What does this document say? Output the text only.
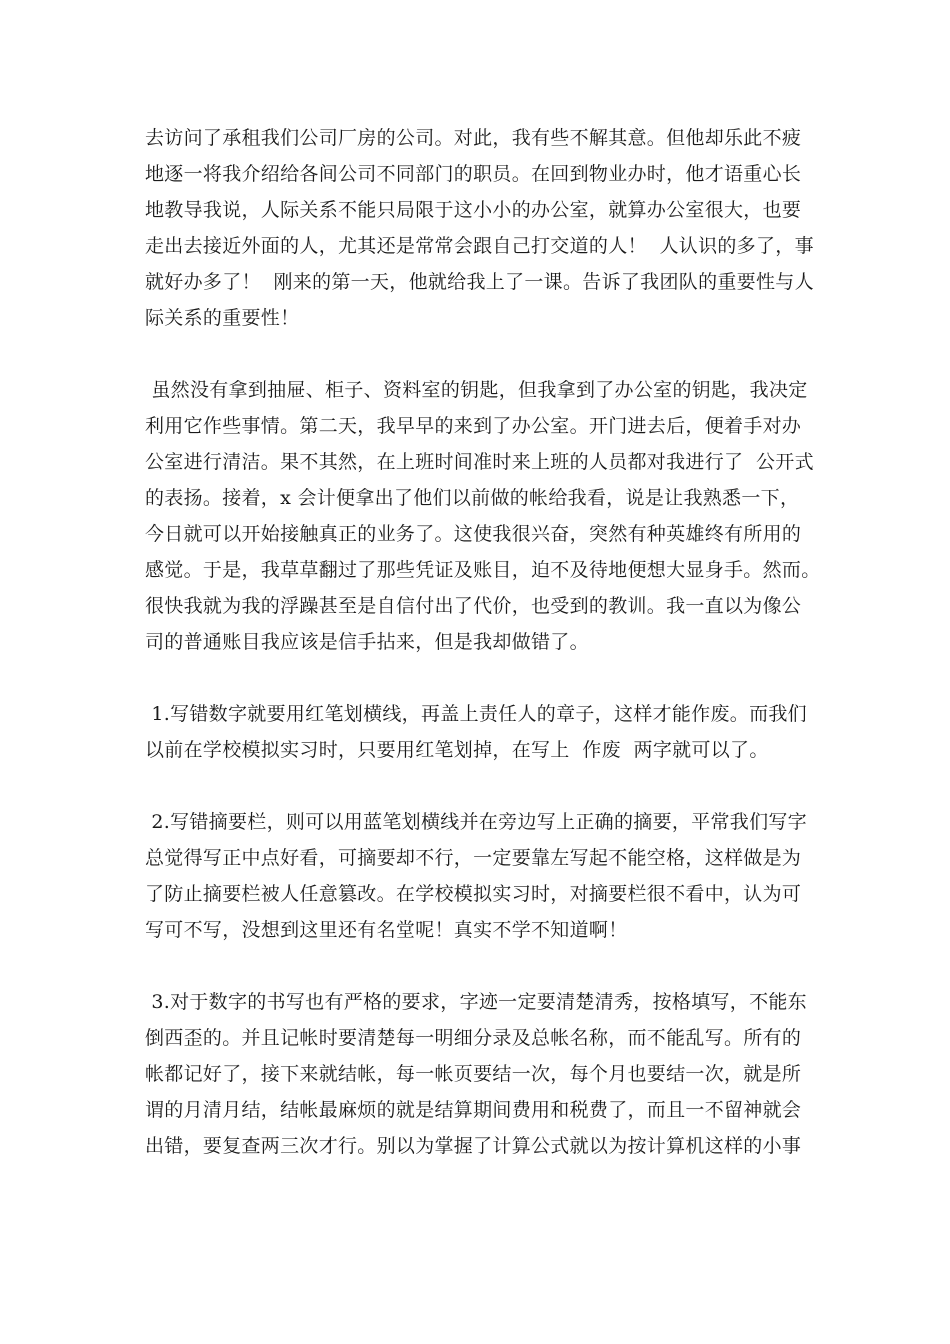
去访问了承租我们公司厂房的公司。对此，我有些不解其意。但他却乐此不疲
地逐一将我介绍给各间公司不同部门的职员。在回到物业办时，他才语重心长
地教导我说，人际关系不能只局限于这小小的办公室，就算办公室很大，也要
走出去接近外面的人，尤其还是常常会跟自己打交道的人！  人认识的多了，事
就好办多了！  刚来的第一天，他就给我上了一课。告诉了我团队的重要性与人
际关系的重要性！
虽然没有拿到抽屉、柜子、资料室的钥匙，但我拿到了办公室的钥匙，我决定
利用它作些事情。第二天，我早早的来到了办公室。开门进去后，便着手对办
公室进行清洁。果不其然，在上班时间准时来上班的人员都对我进行了  公开式
的表扬。接着，x 会计便拿出了他们以前做的帐给我看，说是让我熟悉一下，
今日就可以开始接触真正的业务了。这使我很兴奋，突然有种英雄终有所用的
感觉。于是，我草草翻过了那些凭证及账目，迫不及待地便想大显身手。然而。
很快我就为我的浮躁甚至是自信付出了代价，也受到的教训。我一直以为像公
司的普通账目我应该是信手拈来，但是我却做错了。
1.写错数字就要用红笔划横线，再盖上责任人的章子，这样才能作废。而我们
以前在学校模拟实习时，只要用红笔划掉，在写上  作废  两字就可以了。
2.写错摘要栏，则可以用蓝笔划横线并在旁边写上正确的摘要，平常我们写字
总觉得写正中点好看，可摘要却不行，一定要靠左写起不能空格，这样做是为
了防止摘要栏被人任意篡改。在学校模拟实习时，对摘要栏很不看中，认为可
写可不写，没想到这里还有名堂呢！真实不学不知道啊！
3.对于数字的书写也有严格的要求，字迹一定要清楚清秀，按格填写，不能东
倒西歪的。并且记帐时要清楚每一明细分录及总帐名称，而不能乱写。所有的
帐都记好了，接下来就结帐，每一帐页要结一次，每个月也要结一次，就是所
谓的月清月结，结帐最麻烦的就是结算期间费用和税费了，而且一不留神就会
出错，要复查两三次才行。别以为掌握了计算公式就以为按计算机这样的小事
